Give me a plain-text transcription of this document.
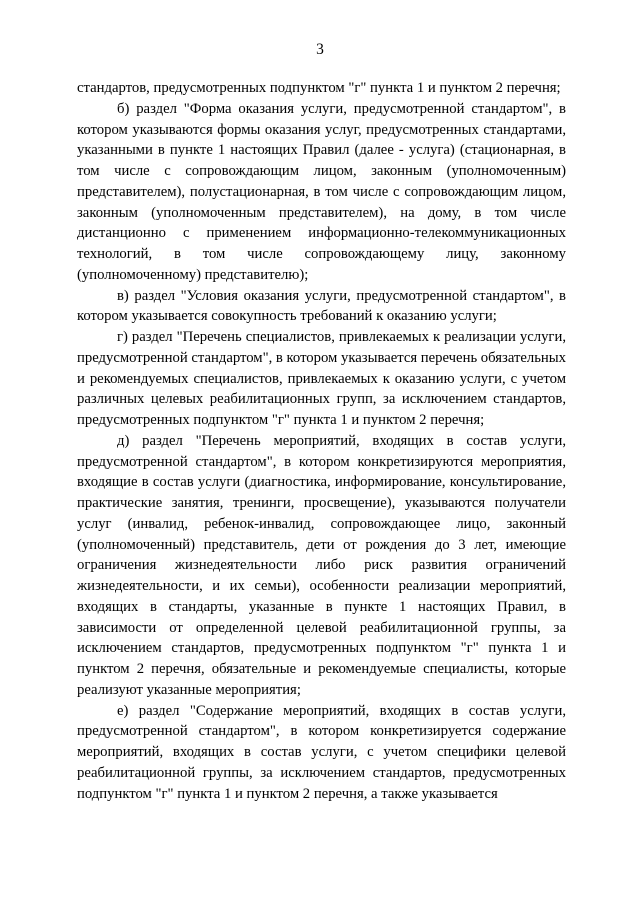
3

стандартов, предусмотренных подпунктом "г" пункта 1 и пунктом 2 перечня;

б) раздел "Форма оказания услуги, предусмотренной стандартом", в котором указываются формы оказания услуг, предусмотренных стандартами, указанными в пункте 1 настоящих Правил (далее - услуга) (стационарная, в том числе с сопровождающим лицом, законным (уполномоченным) представителем), полустационарная, в том числе с сопровождающим лицом, законным (уполномоченным представителем), на дому, в том числе дистанционно с применением информационно-телекоммуникационных технологий, в том числе сопровождающему лицу, законному (уполномоченному) представителю);

в) раздел "Условия оказания услуги, предусмотренной стандартом", в котором указывается совокупность требований к оказанию услуги;

г) раздел "Перечень специалистов, привлекаемых к реализации услуги, предусмотренной стандартом", в котором указывается перечень обязательных и рекомендуемых специалистов, привлекаемых к оказанию услуги, с учетом различных целевых реабилитационных групп, за исключением стандартов, предусмотренных подпунктом "г" пункта 1 и пунктом 2 перечня;

д) раздел "Перечень мероприятий, входящих в состав услуги, предусмотренной стандартом", в котором конкретизируются мероприятия, входящие в состав услуги (диагностика, информирование, консультирование, практические занятия, тренинги, просвещение), указываются получатели услуг (инвалид, ребенок-инвалид, сопровождающее лицо, законный (уполномоченный) представитель, дети от рождения до 3 лет, имеющие ограничения жизнедеятельности либо риск развития ограничений жизнедеятельности, и их семьи), особенности реализации мероприятий, входящих в стандарты, указанные в пункте 1 настоящих Правил, в зависимости от определенной целевой реабилитационной группы, за исключением стандартов, предусмотренных подпунктом "г" пункта 1 и пунктом 2 перечня, обязательные и рекомендуемые специалисты, которые реализуют указанные мероприятия;

е) раздел "Содержание мероприятий, входящих в состав услуги, предусмотренной стандартом", в котором конкретизируется содержание мероприятий, входящих в состав услуги, с учетом специфики целевой реабилитационной группы, за исключением стандартов, предусмотренных подпунктом "г" пункта 1 и пунктом 2 перечня, а также указывается
